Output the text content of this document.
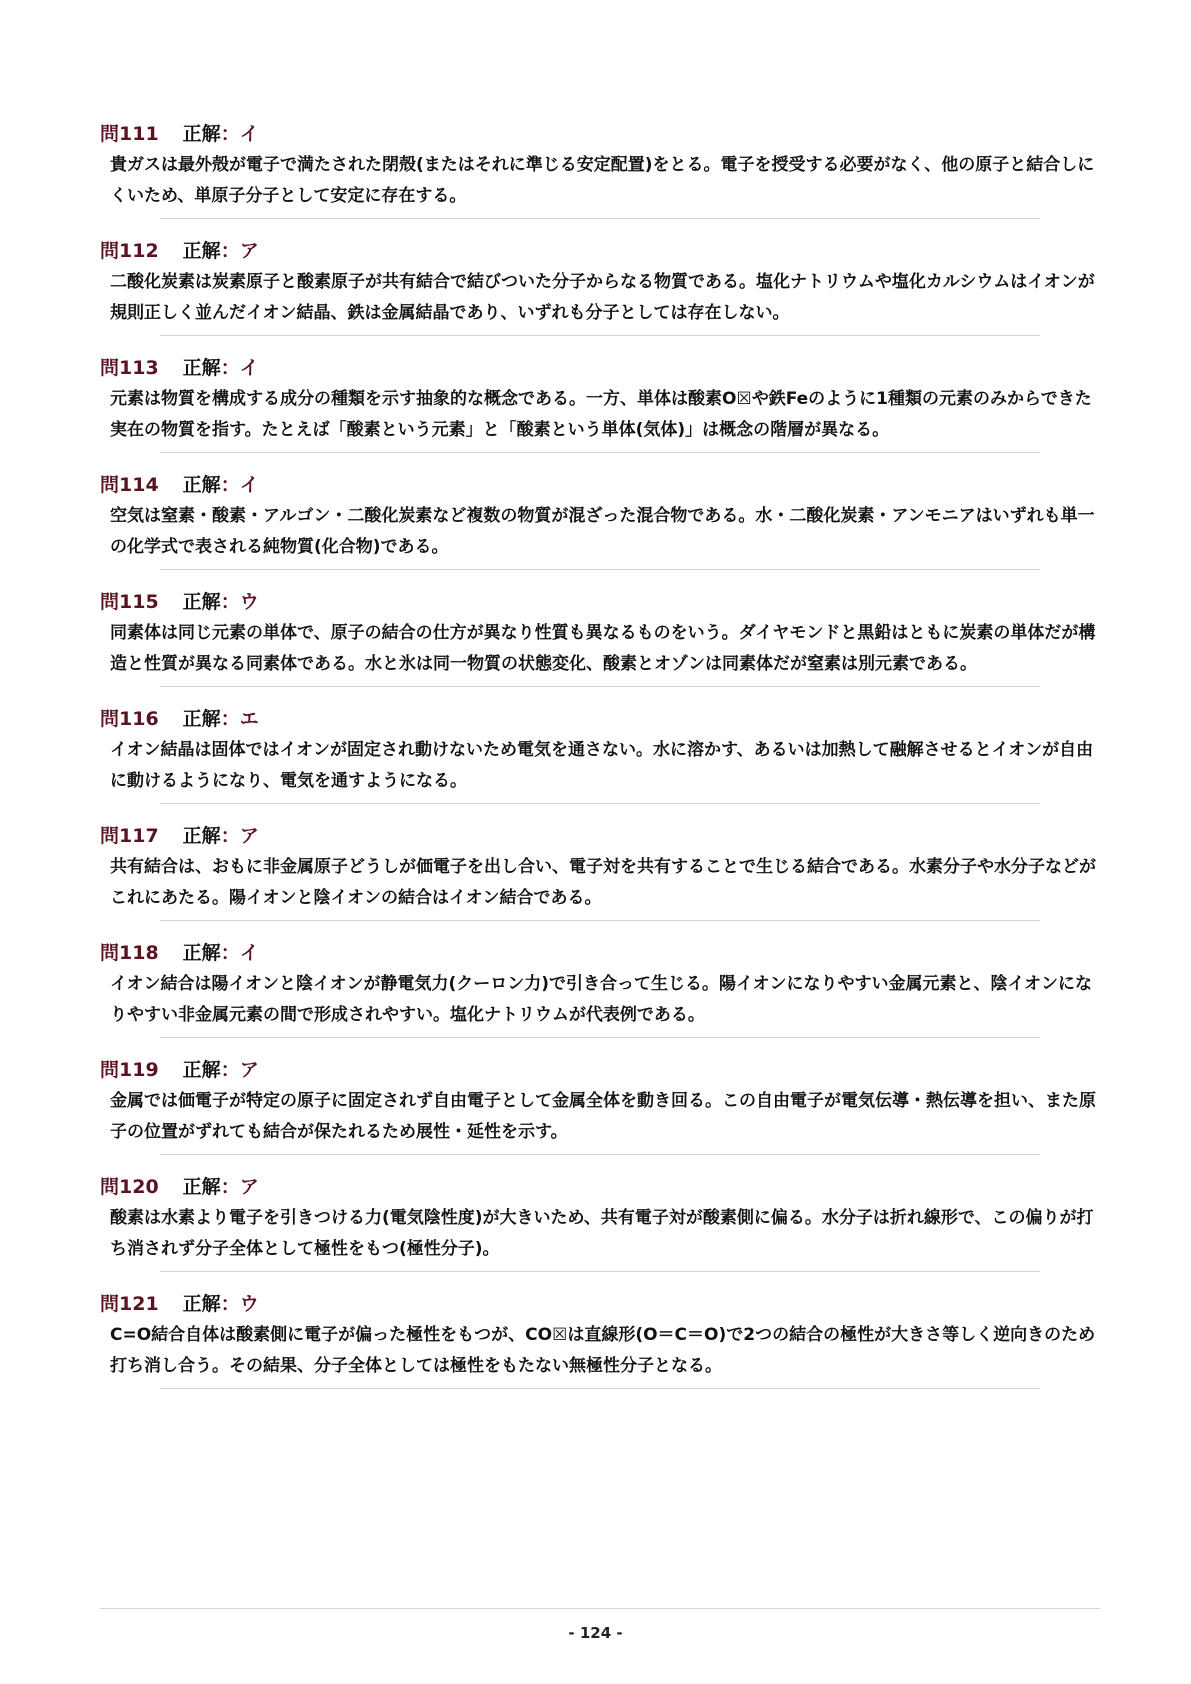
問111 正解：イ
貴ガスは最外殻が電子で満たされた閉殻(またはそれに準じる安定配置)をとる。電子を授受する必要がなく、他の原子と結合しにくいため、単原子分子として安定に存在する。
問112 正解：ア
二酸化炭素は炭素原子と酸素原子が共有結合で結びついた分子からなる物質である。塩化ナトリウムや塩化カルシウムはイオンが規則正しく並んだイオン結晶、鉄は金属結晶であり、いずれも分子としては存在しない。
問113 正解：イ
元素は物質を構成する成分の種類を示す抽象的な概念である。一方、単体は酸素O☒や鉄Feのように1種類の元素のみからできた実在の物質を指す。たとえば「酸素という元素」と「酸素という単体(気体)」は概念の階層が異なる。
問114 正解：イ
空気は窒素・酸素・アルゴン・二酸化炭素など複数の物質が混ざった混合物である。水・二酸化炭素・アンモニアはいずれも単一の化学式で表される純物質(化合物)である。
問115 正解：ウ
同素体は同じ元素の単体で、原子の結合の仕方が異なり性質も異なるものをいう。ダイヤモンドと黒鉛はともに炭素の単体だが構造と性質が異なる同素体である。水と氷は同一物質の状態変化、酸素とオゾンは同素体だが窒素は別元素である。
問116 正解：エ
イオン結晶は固体ではイオンが固定され動けないため電気を通さない。水に溶かす、あるいは加熱して融解させるとイオンが自由に動けるようになり、電気を通すようになる。
問117 正解：ア
共有結合は、おもに非金属原子どうしが価電子を出し合い、電子対を共有することで生じる結合である。水素分子や水分子などがこれにあたる。陽イオンと陰イオンの結合はイオン結合である。
問118 正解：イ
イオン結合は陽イオンと陰イオンが静電気力(クーロン力)で引き合って生じる。陽イオンになりやすい金属元素と、陰イオンになりやすい非金属元素の間で形成されやすい。塩化ナトリウムが代表例である。
問119 正解：ア
金属では価電子が特定の原子に固定されず自由電子として金属全体を動き回る。この自由電子が電気伝導・熱伝導を担い、また原子の位置がずれても結合が保たれるため展性・延性を示す。
問120 正解：ア
酸素は水素より電子を引きつける力(電気陰性度)が大きいため、共有電子対が酸素側に偏る。水分子は折れ線形で、この偏りが打ち消されず分子全体として極性をもつ(極性分子)。
問121 正解：ウ
C=O結合自体は酸素側に電子が偏った極性をもつが、CO☒は直線形(O＝C＝O)で2つの結合の極性が大きさ等しく逆向きのため打ち消し合う。その結果、分子全体としては極性をもたない無極性分子となる。
- 124 -
